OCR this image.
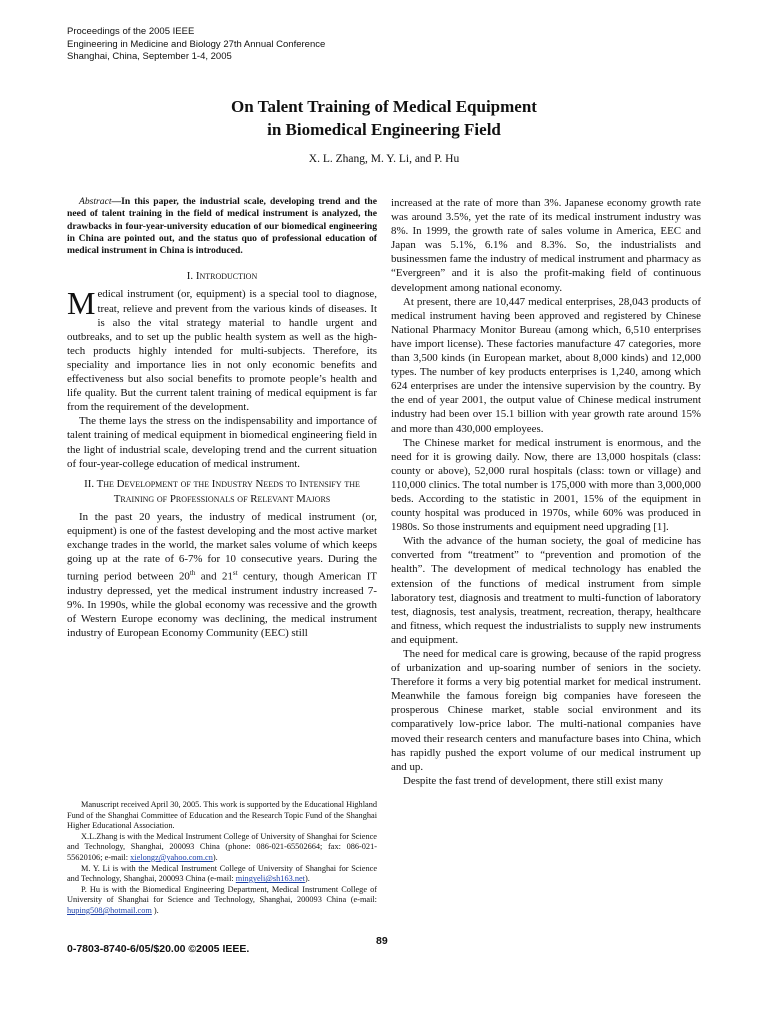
Proceedings of the 2005 IEEE
Engineering in Medicine and Biology 27th Annual Conference
Shanghai, China, September 1-4, 2005
On Talent Training of Medical Equipment
in Biomedical Engineering Field
X. L. Zhang, M. Y. Li, and P. Hu

Abstract—In this paper, the industrial scale, developing trend and the need of talent training in the field of medical instrument is analyzed, the drawbacks in four-year-university education of our biomedical engineering in China are pointed out, and the status quo of professional education of medical instrument in China is introduced.

I. Introduction

Medical instrument (or, equipment) is a special tool to diagnose, treat, relieve and prevent from the various kinds of diseases. It is also the vital strategy material to handle urgent and outbreaks, and to set up the public health system as well as the high-tech products highly intended for multi-subjects. Therefore, its speciality and importance lies in not only economic benefits and effectiveness but also social benefits to promote people’s health and life quality. But the current talent training of medical equipment is far from the requirement of the development.

The theme lays the stress on the indispensability and importance of talent training of medical equipment in biomedical engineering field in the light of industrial scale, developing trend and the current situation of four-year-college education of medical instrument.

II. The Development of the Industry Needs to Intensify the Training of Professionals of Relevant Majors

In the past 20 years, the industry of medical instrument (or, equipment) is one of the fastest developing and the most active market exchange trades in the world, the market sales volume of which keeps going up at the rate of 6-7% for 10 consecutive years. During the turning period between 20th and 21st century, though American IT industry depressed, yet the medical instrument industry increased 7-9%. In 1990s, while the global economy was recessive and the growth of Western Europe economy was declining, the medical instrument industry of European Economy Community (EEC) still

Manuscript received April 30, 2005. This work is supported by the Educational Highland Fund of the Shanghai Committee of Education and the Research Topic Fund of the Shanghai Higher Educational Association.

X.L.Zhang is with the Medical Instrument College of University of Shanghai for Science and Technology, Shanghai, 200093 China (phone: 086-021-65502664; fax: 086-021-55620106; e-mail: xielongz@yahoo.com.cn).

M. Y. Li is with the Medical Instrument College of University of Shanghai for Science and Technology, Shanghai, 200093 China (e-mail: mingyeli@sh163.net).

P. Hu is with the Biomedical Engineering Department, Medical Instrument College of University of Shanghai for Science and Technology, Shanghai, 200093 China (e-mail: huping508@hotmail.com ).

increased at the rate of more than 3%. Japanese economy growth rate was around 3.5%, yet the rate of its medical instrument industry was 8%. In 1999, the growth rate of sales volume in America, EEC and Japan was 5.1%, 6.1% and 8.3%. So, the industrialists and businessmen fame the industry of medical instrument and pharmacy as “Evergreen” and it is also the profit-making field of continuous development among national economy.

At present, there are 10,447 medical enterprises, 28,043 products of medical instrument having been approved and registered by Chinese National Pharmacy Monitor Bureau (among which, 6,510 enterprises have import license). These factories manufacture 47 categories, more than 3,500 kinds (in European market, about 8,000 kinds) and 12,000 types. The number of key products enterprises is 1,240, among which 624 enterprises are under the intensive supervision by the country. By the end of year 2001, the output value of Chinese medical instrument industry had been over 15.1 billion with year growth rate around 15% and more than 430,000 employees.

The Chinese market for medical instrument is enormous, and the need for it is growing daily. Now, there are 13,000 hospitals (class: county or above), 52,000 rural hospitals (class: town or village) and 110,000 clinics. The total number is 175,000 with more than 3,000,000 beds. According to the statistic in 2001, 15% of the equipment in county hospital was produced in 1970s, while 60% was produced in 1980s. So those instruments and equipment need upgrading [1].

With the advance of the human society, the goal of medicine has converted from “treatment” to “prevention and promotion of the health”. The development of medical technology has enabled the extension of the functions of medical instrument from simple laboratory test, diagnosis and treatment to multi-function of laboratory test, diagnosis, test analysis, treatment, recreation, therapy, healthcare and fitness, which request the industrialists to supply new instruments and equipment.

The need for medical care is growing, because of the rapid progress of urbanization and up-soaring number of seniors in the society. Therefore it forms a very big potential market for medical instrument. Meanwhile the famous foreign big companies have foreseen the prosperous Chinese market, stable social environment and its comparatively low-price labor. The multi-national companies have moved their research centers and manufacture bases into China, which has rapidly pushed the export volume of our medical instrument up and up.

Despite the fast trend of development, there still exist many

0-7803-8740-6/05/$20.00 ©2005 IEEE.
89
